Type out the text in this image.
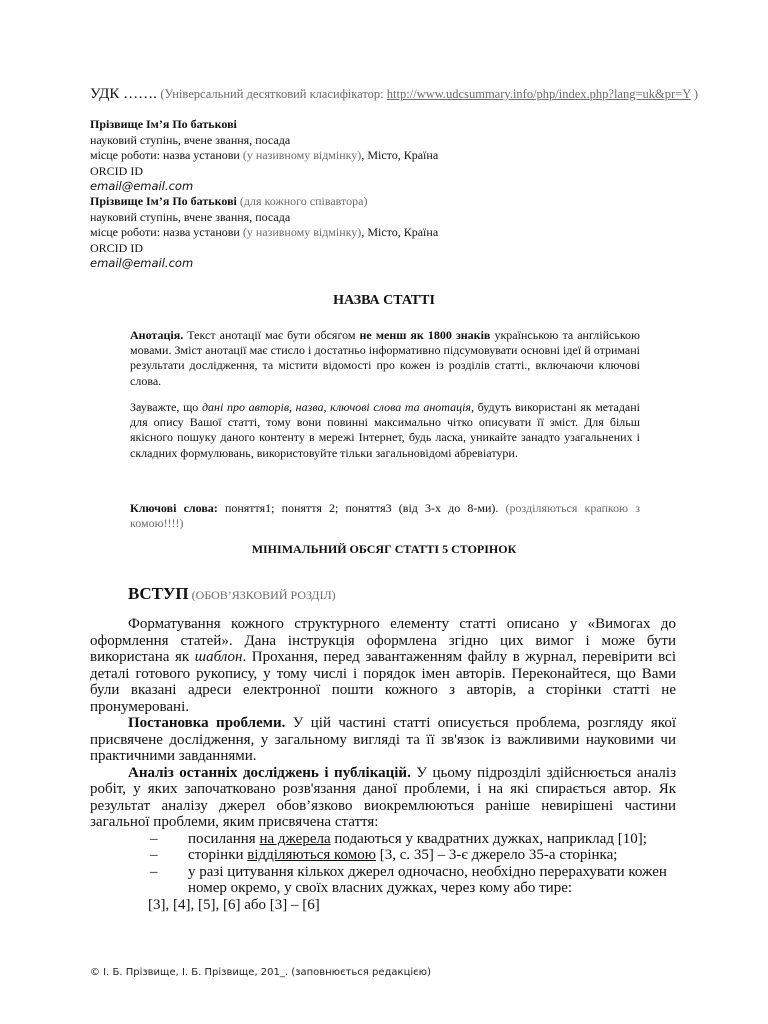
УДК ……. (Універсальний десятковий класифікатор: http://www.udcsummary.info/php/index.php?lang=uk&pr=Y )
Прізвище Ім’я По батькові
науковий ступінь, вчене звання, посада
місце роботи: назва установи (у називному відмінку), Місто, Країна
ORCID ID
email@email.com
Прізвище Ім’я По батькові (для кожного співавтора)
науковий ступінь, вчене звання, посада
місце роботи: назва установи (у називному відмінку), Місто, Країна
ORCID ID
email@email.com
НАЗВА СТАТТІ

Анотація. Текст анотації має бути обсягом не менш як 1800 знаків українською та англійською мовами. Зміст анотації має стисло і достатньо інформативно підсумовувати основні ідеї й отримані результати дослідження, та містити відомості про кожен із розділів статті., включаючи ключові слова.

Зауважте, що дані про авторів, назва, ключові слова та анотація, будуть використані як метадані для опису Вашої статті, тому вони повинні максимально чітко описувати її зміст. Для більш якісного пошуку даного контенту в мережі Інтернет, будь ласка, уникайте занадто узагальнених і складних формулювань, використовуйте тільки загальновідомі абревіатури.

Ключові слова: поняття1; поняття 2; поняття3 (від 3-х до 8-ми). (розділяються крапкою з комою!!!!)

МІНІМАЛЬНИЙ ОБСЯГ СТАТТІ 5 СТОРІНОК
ВСТУП (ОБОВ’ЯЗКОВИЙ РОЗДІЛ)

Форматування кожного структурного елементу статті описано у «Вимогах до оформлення статей». Дана інструкція оформлена згідно цих вимог і може бути використана як шаблон. Прохання, перед завантаженням файлу в журнал, перевірити всі деталі готового рукопису, у тому числі і порядок імен авторів. Переконайтеся, що Вами були вказані адреси електронної пошти кожного з авторів, а сторінки статті не пронумеровані.

Постановка проблеми. У цій частині статті описується проблема, розгляду якої присвячене дослідження, у загальному вигляді та її зв'язок із важливими науковими чи практичними завданнями.

Аналіз останніх досліджень і публікацій. У цьому підрозділі здійснюється аналіз робіт, у яких започатковано розв'язання даної проблеми, і на які спирається автор. Як результат аналізу джерел обов’язково виокремлюються раніше невирішені частини загальної проблеми, яким присвячена стаття:

–	посилання на джерела подаються у квадратних дужках, наприклад [10];
–	сторінки відділяються комою [3, с. 35] – 3-є джерело 35-а сторінка;
–	у разі цитування кількох джерел одночасно, необхідно перерахувати кожен номер окремо, у своїх власних дужках, через кому або тире:
[3], [4], [5], [6] або [3] – [6]
© І. Б. Прізвище, І. Б. Прізвище, 201_. (заповнюється редакцією)
